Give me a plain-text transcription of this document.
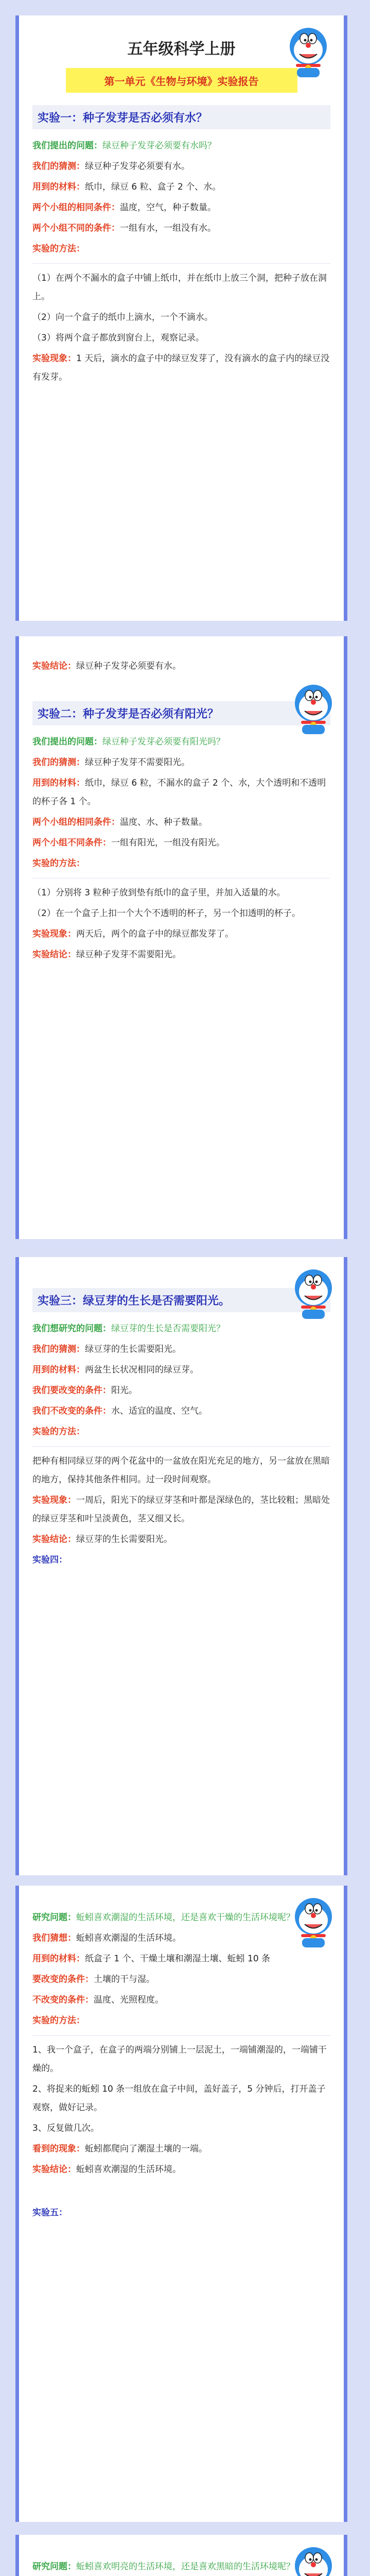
五年级科学上册
第一单元《生物与环境》实验报告
实验一：种子发芽是否必须有水？
我们提出的问题：绿豆种子发芽必须要有水吗？
我们的猜测：绿豆种子发芽必须要有水。
用到的材料：纸巾，绿豆 6 粒、盒子 2 个、水。
两个小组的相同条件：温度，空气，种子数量。
两个小组不同的条件：一组有水，一组没有水。
实验的方法：
（1）在两个不漏水的盒子中铺上纸巾，并在纸巾上放三个洞，把种子放在洞上。
（2）向一个盒子的纸巾上滴水，一个不滴水。
（3）将两个盒子都放到窗台上，观察记录。
实验现象：1 天后，滴水的盒子中的绿豆发芽了，没有滴水的盒子内的绿豆没有发芽。
实验结论：绿豆种子发芽必须要有水。
实验二：种子发芽是否必须有阳光？
我们提出的问题：绿豆种子发芽必须要有阳光吗？
我们的猜测：绿豆种子发芽不需要阳光。
用到的材料：纸巾，绿豆 6 粒，不漏水的盒子 2 个、水，大个透明和不透明的杯子各 1 个。
两个小组的相同条件：温度、水、种子数量。
两个小组不同条件：一组有阳光，一组没有阳光。
实验的方法：
（1）分别将 3 粒种子放到垫有纸巾的盒子里，并加入适量的水。
（2）在一个盒子上扣一个大个不透明的杯子，另一个扣透明的杯子。
实验现象：两天后，两个的盒子中的绿豆都发芽了。
实验结论：绿豆种子发芽不需要阳光。
实验三：绿豆芽的生长是否需要阳光。
我们想研究的问题：绿豆芽的生长是否需要阳光？
我们的猜测：绿豆芽的生长需要阳光。
用到的材料：两盆生长状况相同的绿豆芽。
我们要改变的条件：阳光。
我们不改变的条件：水、适宜的温度、空气。
实验的方法：
把种有相同绿豆芽的两个花盆中的一盆放在阳光充足的地方，另一盆放在黑暗的地方，保持其他条件相同。过一段时间观察。
实验现象：一周后，阳光下的绿豆芽茎和叶都是深绿色的，茎比较粗；黑暗处的绿豆芽茎和叶呈淡黄色，茎又细又长。
实验结论：绿豆芽的生长需要阳光。
实验四：
研究问题：蚯蚓喜欢潮湿的生活环境，还是喜欢干燥的生活环境呢？
我们猜想：蚯蚓喜欢潮湿的生活环境。
用到的材料：纸盒子 1 个、干燥土壤和潮湿土壤、蚯蚓 10 条
要改变的条件：土壤的干与湿。
不改变的条件：温度、光照程度。
实验的方法：
1、我一个盒子，在盒子的两端分别铺上一层泥土，一端铺潮湿的，一端铺干燥的。
2、将捉来的蚯蚓 10 条一组放在盒子中间，盖好盖子，5 分钟后，打开盖子观察，做好记录。
3、反复做几次。
看到的现象：蚯蚓都爬向了潮湿土壤的一端。
实验结论：蚯蚓喜欢潮湿的生活环境。
实验五：
研究问题：蚯蚓喜欢明亮的生活环境，还是喜欢黑暗的生活环境呢？
